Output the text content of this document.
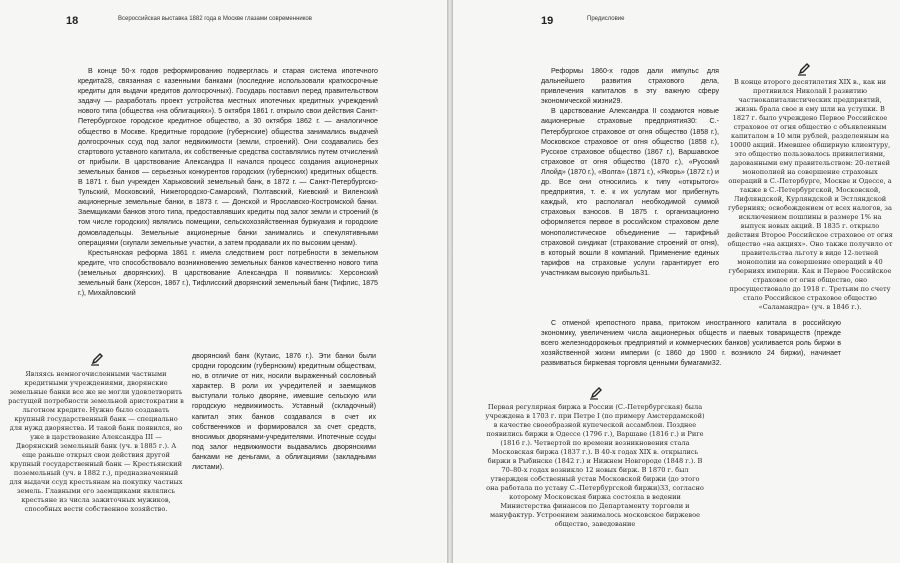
18	Всероссийская выставка 1882 года в Москве глазами современников

В конце 50-х годов реформированию подверглась и старая система ипотечного кредита28, связанная с казенными банками (последние использовали краткосрочные кредиты для выдачи кредитов долгосрочных). Государь поставил перед правительством задачу — разработать проект устройства местных ипотечных кредитных учреждений нового типа (общества «на облигациях»). 5 октября 1861 г. открыло свои действия Санкт-Петербургское городское кредитное общество, а 30 октября 1862 г. — аналогичное общество в Москве. Кредитные городские (губернские) общества занимались выдачей долгосрочных ссуд под залог недвижимости (земли, строений). Они создавались без стартового уставного капитала, их собственные средства составлялись путем отчислений от прибыли. В царствование Александра II начался процесс создания акционерных земельных банков — серьезных конкурентов городских (губернских) кредитных обществ. В 1871 г. был учрежден Харьковский земельный банк, в 1872 г. — Санкт-Петербургско-Тульский, Московский, Нижегородско-Самарский, Полтавский, Киевский и Виленский акционерные земельные банки, в 1873 г. — Донской и Ярославско-Костромской банки. Заемщиками банков этого типа, предоставлявших кредиты под залог земли и строений (в том числе городских) являлись помещики, сельскохозяйственная буржуазия и городские домовладельцы. Земельные акционерные банки занимались и спекулятивными операциями (скупали земельные участки, а затем продавали их по высоким ценам).

Крестьянская реформа 1861 г. имела следствием рост потребности в земельном кредите, что способствовало возникновению земельных банков качественно нового типа (земельных дворянских). В царствование Александра II появились: Херсонский земельный банк (Херсон, 1867 г.), Тифлисский дворянский земельный банк (Тифлис, 1875 г.), Михайловский

Являясь немногочисленными частными кредитными учреждениями, дворянские земельные банки все же не могли удовлетворить растущей потребности земельной аристократии в льготном кредите. Нужно было создавать крупный государственный банк — специально для нужд дворянства. И такой банк появился, но уже в царствование Александра III — Дворянский земельный банк (уч. в 1885 г.). А еще раньше открыл свои действия другой крупный государственный банк — Крестьянский поземельный (уч. в 1882 г.), предназначенный для выдачи ссуд крестьянам на покупку частных земель. Главными его заемщиками являлись крестьяне из числа зажиточных мужиков, способных вести собственное хозяйство.

дворянский банк (Кутаис, 1876 г.). Эти банки были сродни городским (губернским) кредитным обществам, но, в отличие от них, носили выраженный сословный характер. В роли их учредителей и заемщиков выступали только дворяне, имевшие сельскую или городскую недвижимость. Уставный (складочный) капитал этих банков создавался в счет их собственников и формировался за счет средств, вносимых дворянами-учредителями. Ипотечные ссуды под залог недвижимости выдавались дворянскими банками не деньгами, а облигациями (закладными листами).

19	Предисловие

Реформы 1860-х годов дали импульс для дальнейшего развития страхового дела, привлечения капиталов в эту важную сферу экономической жизни29.

В царствование Александра II создаются новые акционерные страховые предприятия30: С.-Петербургское страховое от огня общество (1858 г.), Московское страховое от огня общество (1858 г.), Русское страховое общество (1867 г.), Варшавское страховое от огня общество (1870 г.), «Русский Ллойд» (1870 г.), «Волга» (1871 г.), «Якорь» (1872 г.) и др. Все они относились к типу «открытого» предприятия, т. е. к их услугам мог прибегнуть каждый, кто располагал необходимой суммой страховых взносов. В 1875 г. организационно оформляется первое в российском страховом деле монополистическое объединение — тарифный страховой синдикат (страхование строений от огня), в который вошли 8 компаний. Применение единых тарифов на страховые услуги гарантирует его участникам высокую прибыль31.

В конце второго десятилетия XIX в., как ни противился Николай I развитию частнокапиталистических предприятий, жизнь брала свое и ему шли на уступки. В 1827 г. было учреждено Первое Российское страховое от огня общество с объявленным капиталом в 10 млн рублей, разделенным на 10000 акций. Имевшее обширную клиентуру, это общество пользовалось привилегиями, дарованными ему правительством: 20-летней монополией на совершение страховых операций в С.-Петербурге, Москве и Одессе, а также в С.-Петербургской, Московской, Лифляндской, Курляндской и Эстляндской губерниях; освобождением от всех налогов, за исключением пошлины в размере 1% на выпуск новых акций. В 1835 г. открыло действия Второе Российское страховое от огня общество «на акциях». Оно также получило от правительства льготу в виде 12-летней монополии на совершение операций в 40 губерниях империи. Как и Первое Российское страховое от огня общество, оно просуществовало до 1918 г. Третьим по счету стало Российское страховое общество «Саламандра» (уч. в 1846 г.).

С отменой крепостного права, притоком иностранного капитала в российскую экономику, увеличением числа акционерных обществ и паевых товариществ (прежде всего железнодорожных предприятий и коммерческих банков) усиливается роль биржи в хозяйственной жизни империи (с 1860 до 1900 г. возникло 24 биржи), начинает развиваться биржевая торговля ценными бумагами32.

Первая регулярная биржа в России (С.-Петербургская) была учреждена в 1703 г. при Петре I (по примеру Амстердамской) в качестве своеобразной купеческой ассамблеи. Позднее появились биржи в Одессе (1796 г.), Варшаве (1816 г.) и Риге (1816 г.). Четвертой по времени возникновения стала Московская биржа (1837 г.). В 40-х годах XIX в. открылись биржи в Рыбинске (1842 г.) и Нижнем Новгороде (1848 г.). В 70–80-х годах возникло 12 новых бирж. В 1870 г. был утвержден собственный устав Московской биржи (до этого она работала по уставу С.-Петербургской биржи)33, согласно которому Московская биржа состояла в ведении Министерства финансов по Департаменту торговли и мануфактур. Устроением занималось московское биржевое общество, заведование
